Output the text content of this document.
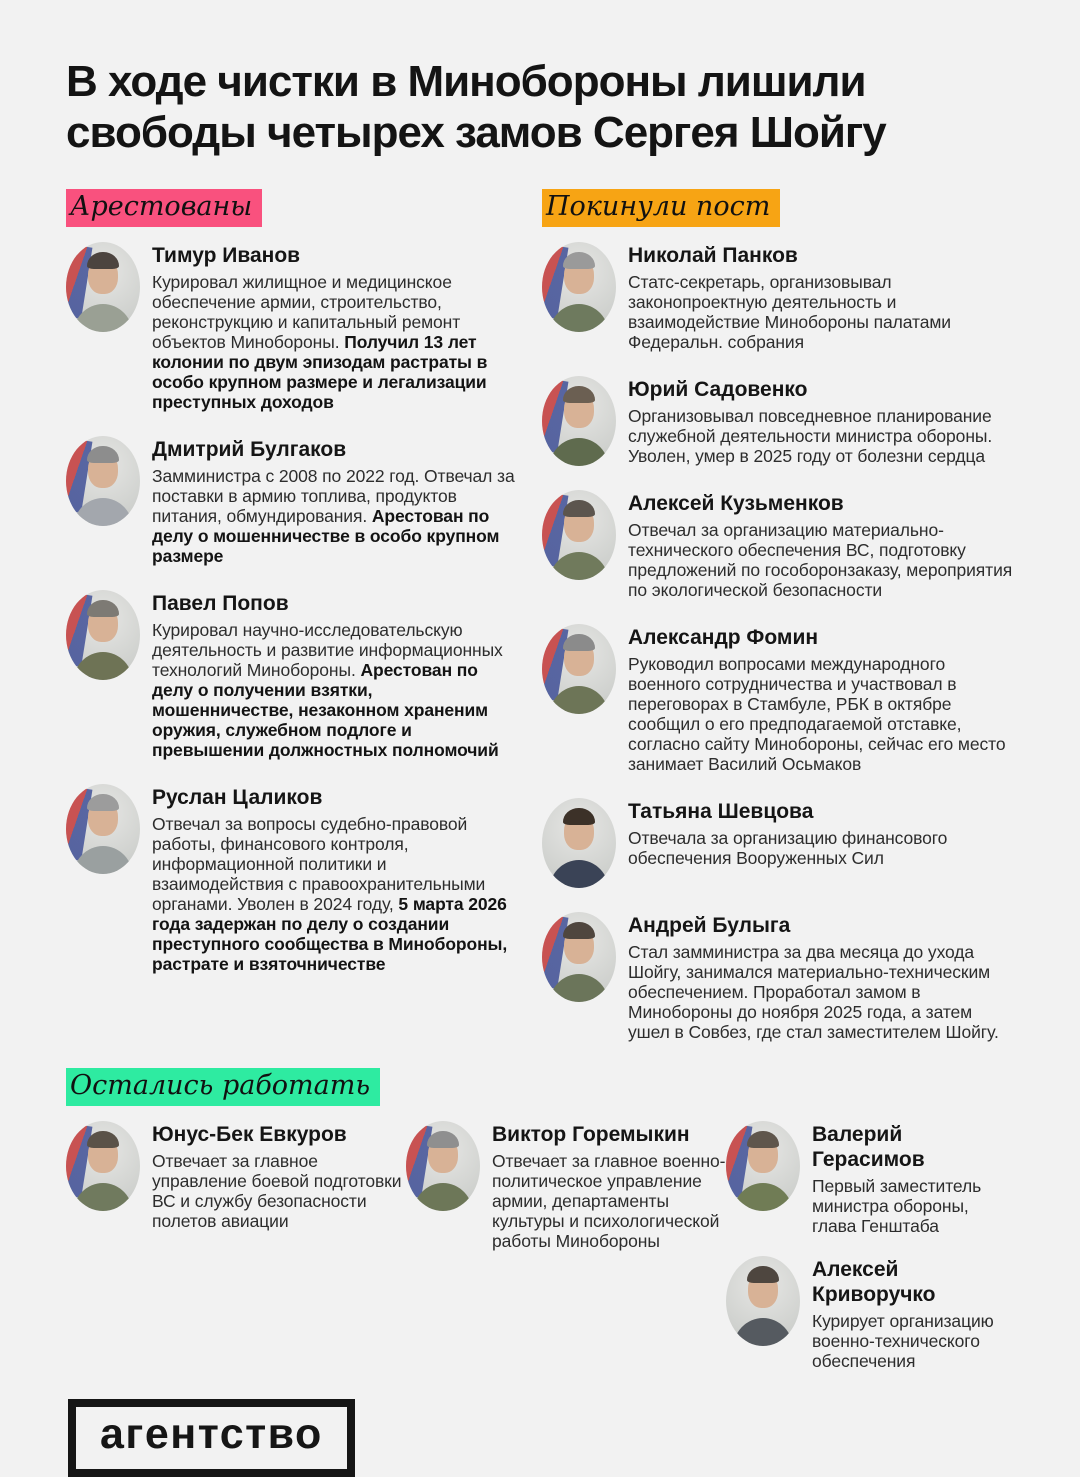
В ходе чистки в Минобороны лишили свободы четырех замов Сергея Шойгу
Арестованы
Тимур Иванов

Курировал жилищное и медицинское обеспечение армии, строительство, реконструкцию и капитальный ремонт объектов Минобороны. Получил 13 лет колонии по двум эпизодам растраты в особо крупном размере и легализации преступных доходов

Дмитрий Булгаков

Замминистра с 2008 по 2022 год. Отвечал за поставки в армию топлива, продуктов питания, обмундирования. Арестован по делу о мошенничестве в особо крупном размере

Павел Попов

Курировал научно-исследовательскую деятельность и развитие информационных технологий Минобороны. Арестован по делу о получении взятки, мошенничестве, незаконном храненим оружия, служебном подлоге и превышении должностных полномочий

Руслан Цаликов

Отвечал за вопросы судебно-правовой работы, финансового контроля, информационной политики и взаимодействия с правоохранительными органами. Уволен в 2024 году, 5 марта 2026 года задержан по делу о создании преступного сообщества в Минобороны, растрате и взяточничестве

Покинули пост
Николай Панков

Статс-секретарь, организовывал законопроектную деятельность и взаимодействие Минобороны палатами Федеральн. собрания

Юрий Садовенко

Организовывал повседневное планирование служебной деятельности министра обороны. Уволен, умер в 2025 году от болезни сердца

Алексей Кузьменков

Отвечал за организацию материально-технического обеспечения ВС, подготовку предложений по гособоронзаказу, мероприятия по экологической безопасности

Александр Фомин

Руководил вопросами международного военного сотрудничества и участвовал в переговорах в Стамбуле, РБК в октябре сообщил о его предподагаемой отставке, согласно сайту Минобороны, сейчас его место занимает Василий Осьмаков

Татьяна Шевцова

Отвечала за организацию финансового обеспечения Вооруженных Сил

Андрей Булыга

Стал замминистра за два месяца до ухода Шойгу, занимался материально-техническим обеспечением. Проработал замом в Минобороны до ноября 2025 года, а затем ушел в Совбез, где стал заместителем Шойгу.

Остались работать
Юнус-Бек Евкуров

Отвечает за главное управление боевой подготовки ВС и службу безопасности полетов авиации

Виктор Горемыкин

Отвечает за главное военно-политическое управление армии, департаменты культуры и психологической работы Минобороны

Валерий Герасимов

Первый заместитель министра обороны, глава Генштаба

Алексей Криворучко

Курирует организацию военно-технического обеспечения

агентство
